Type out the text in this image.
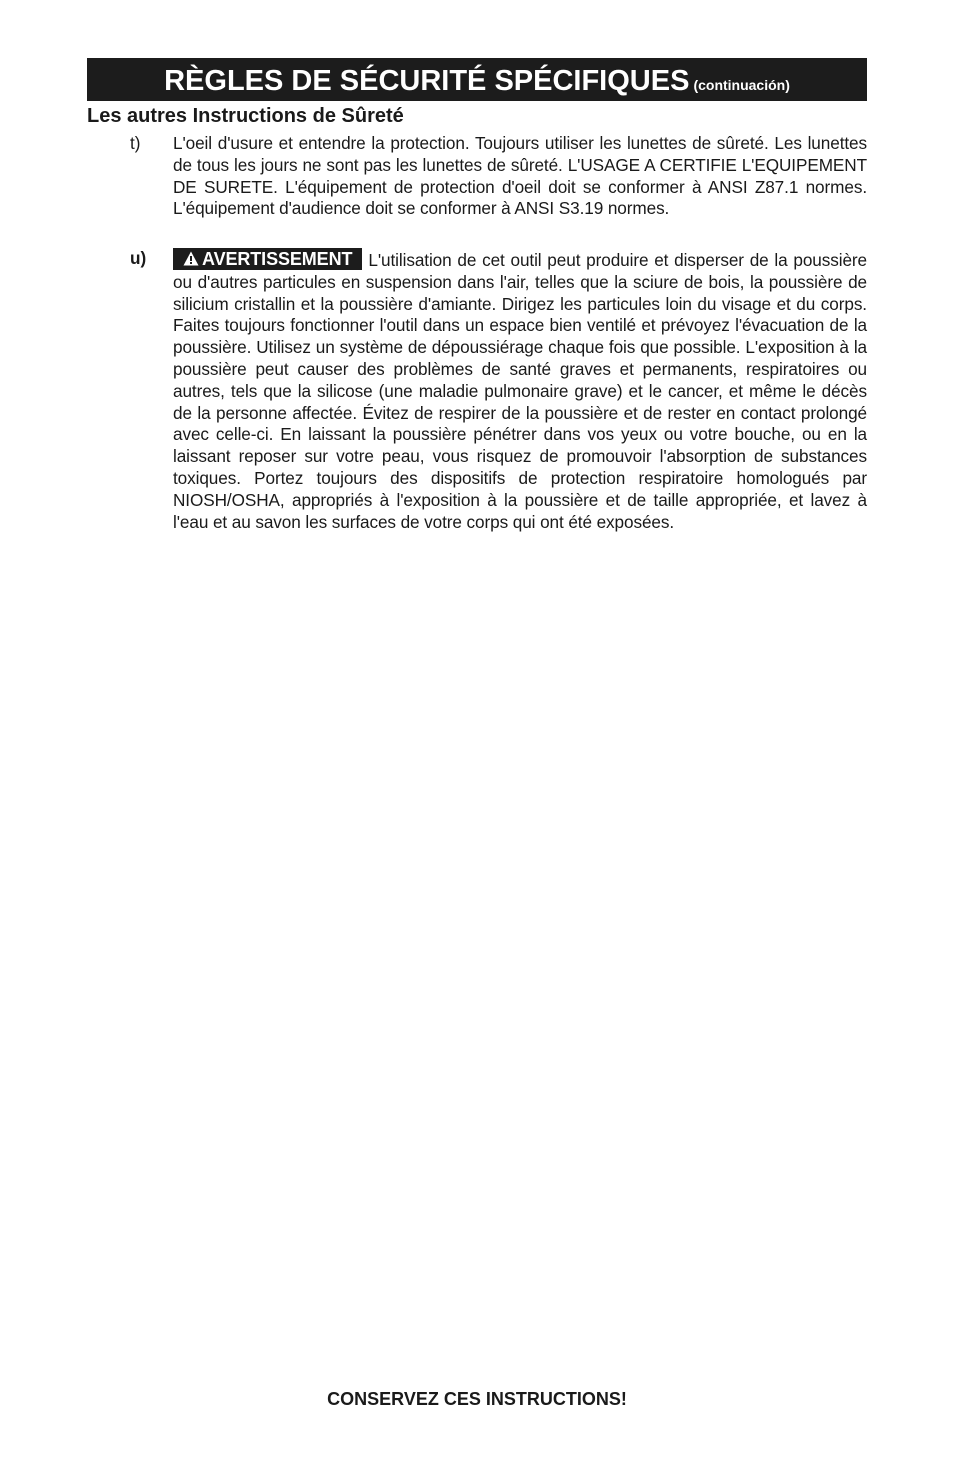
RÈGLES DE SÉCURITÉ SPÉCIFIQUES (continuación)
Les autres Instructions de Sûreté
t) L'oeil d'usure et entendre la protection. Toujours utiliser les lunettes de sûreté. Les lunettes de tous les jours ne sont pas les lunettes de sûreté. L'USAGE A CERTIFIE L'EQUIPEMENT DE SURETE. L'équipement de protection d'oeil doit se conformer à ANSI Z87.1 normes. L'équipement d'audience doit se conformer à ANSI S3.19 normes.

u)	AVERTISSEMENT L'utilisation de cet outil peut produire et disperser de la poussière ou d'autres particules en suspension dans l'air, telles que la sciure de bois, la poussière de silicium cristallin et la poussière d'amiante. Dirigez les particules loin du visage et du corps. Faites toujours fonctionner l'outil dans un espace bien ventilé et prévoyez l'évacuation de la poussière. Utilisez un système de dépoussiérage chaque fois que possible. L'exposition à la poussière peut causer des problèmes de santé graves et permanents, respiratoires ou autres, tels que la silicose (une maladie pulmonaire grave) et le cancer, et même le décès de la personne affectée. Évitez de respirer de la poussière et de rester en contact prolongé avec celle-ci. En laissant la poussière pénétrer dans vos yeux ou votre bouche, ou en la laissant reposer sur votre peau, vous risquez de promouvoir l'absorption de substances toxiques. Portez toujours des dispositifs de protection respiratoire homologués par NIOSH/OSHA, appropriés à l'exposition à la poussière et de taille appropriée, et lavez à l'eau et au savon les surfaces de votre corps qui ont été exposées.

CONSERVEZ CES INSTRUCTIONS!
